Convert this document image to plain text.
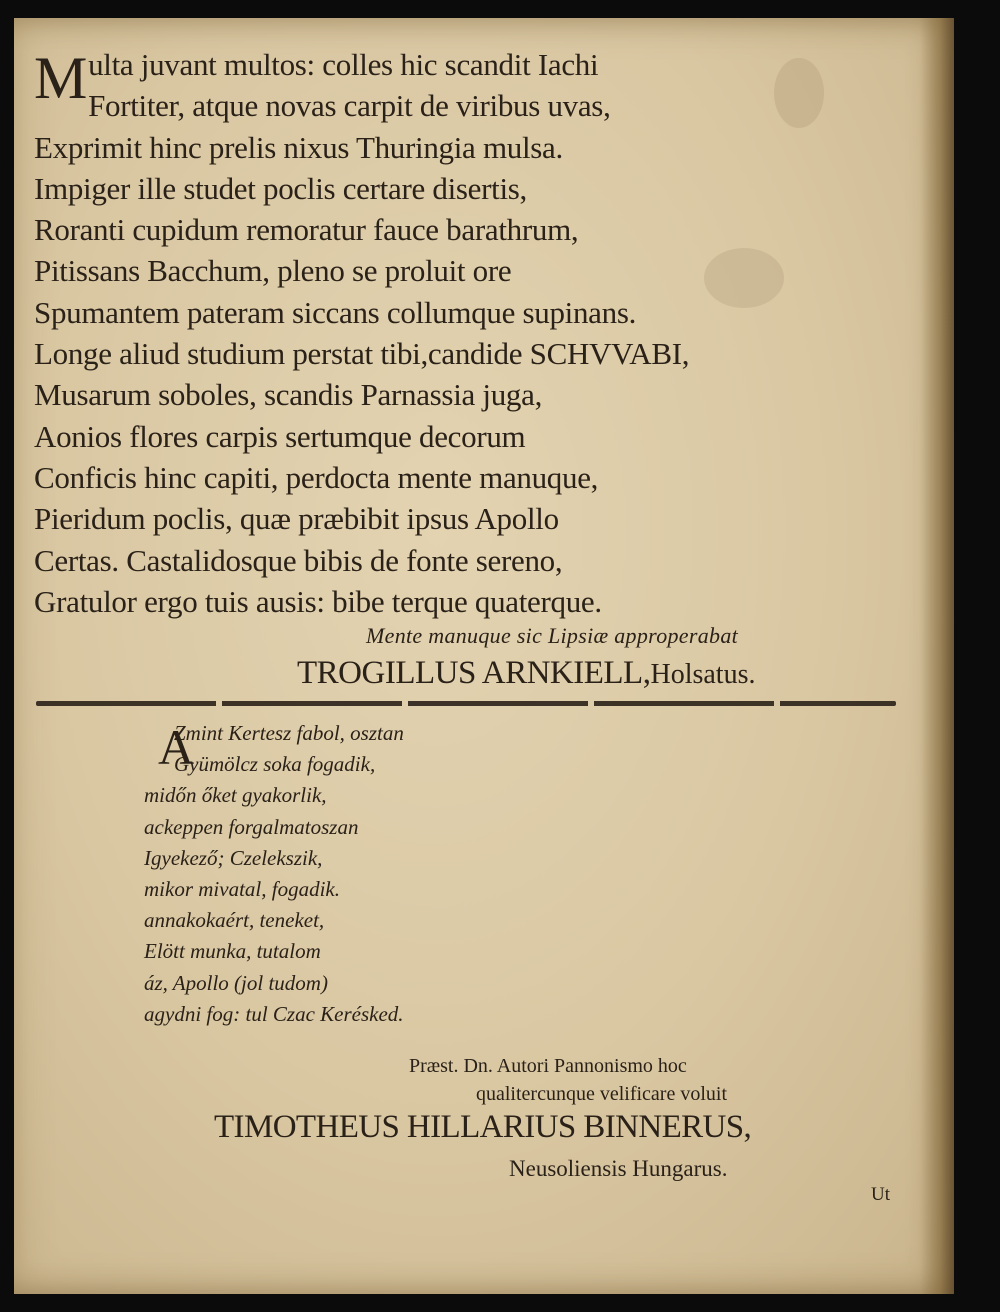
Multa juvant multos: colles hic scandit Iachi
Fortiter, atque novas carpit de viribus uvas,
Exprimit hinc prelis nixus Thuringia mulsa.
Impiger ille studet poclis certare disertis,
Roranti cupidum remoratur fauce barathrum,
Pitissans Bacchum, pleno se proluit ore
Spumantem pateram siccans collumque supinans.
Longe aliud studium perstat tibi,candide SCHVVABI,
Musarum soboles, scandis Parnassia juga,
Aonios flores carpis sertumque decorum
Conficis hinc capiti, perdocta mente manuque,
Pieridum poclis, quæ præbibit ipsus Apollo
Certas. Castalidosque bibis de fonte sereno,
Gratulor ergo tuis ausis: bibe terque quaterque.
Mente manuque sic Lipsiæ approperabat
TROGILLUS ARNKIELL,Holsatus.
A
Zmint Kertesz fabol, osztan
Gyümölcz soka fogadik,
midőn őket gyakorlik,
ackeppen forgalmatoszan
Igyekező; Czelekszik,
mikor mivatal, fogadik.
annakokaért, teneket,
Elött munka, tutalom
áz, Apollo (jol tudom)
agydni fog: tul Czac Kerésked.
Præst. Dn. Autori Pannonismo hoc
qualitercunque velificare voluit
TIMOTHEUS HILLARIUS BINNERUS,
Neusoliensis Hungarus.
Ut
